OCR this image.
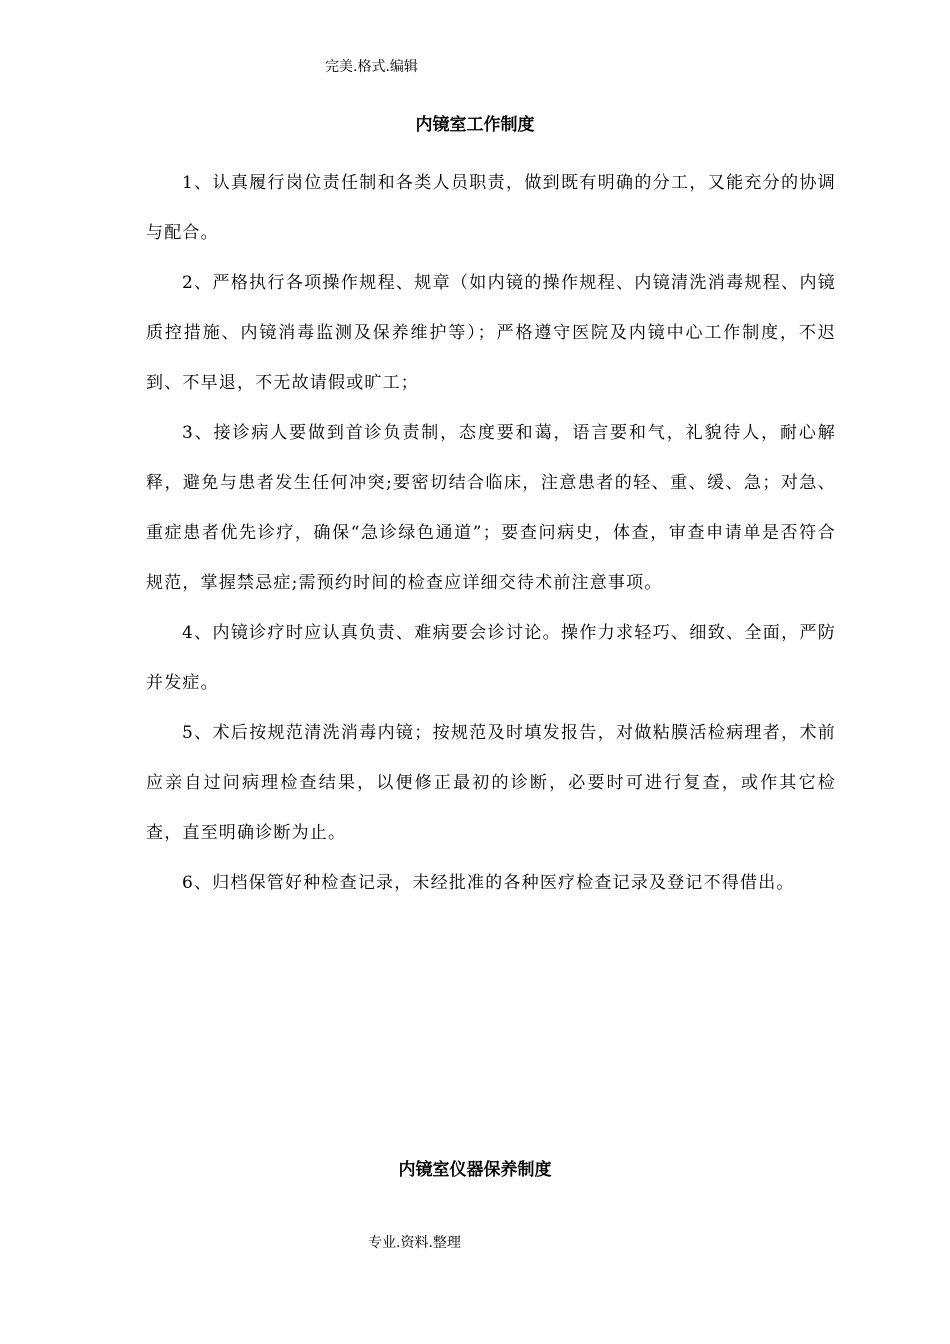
完美.格式.编辑
内镜室工作制度

1、认真履行岗位责任制和各类人员职责，做到既有明确的分工，又能充分的协调与配合。

2、严格执行各项操作规程、规章（如内镜的操作规程、内镜清洗消毒规程、内镜质控措施、内镜消毒监测及保养维护等）；严格遵守医院及内镜中心工作制度，不迟到、不早退，不无故请假或旷工；

3、接诊病人要做到首诊负责制，态度要和蔼，语言要和气，礼貌待人，耐心解释，避免与患者发生任何冲突;要密切结合临床，注意患者的轻、重、缓、急；对急、重症患者优先诊疗，确保“急诊绿色通道”；要查问病史，体查，审查申请单是否符合规范，掌握禁忌症;需预约时间的检查应详细交待术前注意事项。

4、内镜诊疗时应认真负责、难病要会诊讨论。操作力求轻巧、细致、全面，严防并发症。

5、术后按规范清洗消毒内镜；按规范及时填发报告，对做粘膜活检病理者，术前应亲自过问病理检查结果，以便修正最初的诊断，必要时可进行复查，或作其它检查，直至明确诊断为止。

6、归档保管好种检查记录，未经批准的各种医疗检查记录及登记不得借出。

内镜室仪器保养制度
专业.资料.整理
